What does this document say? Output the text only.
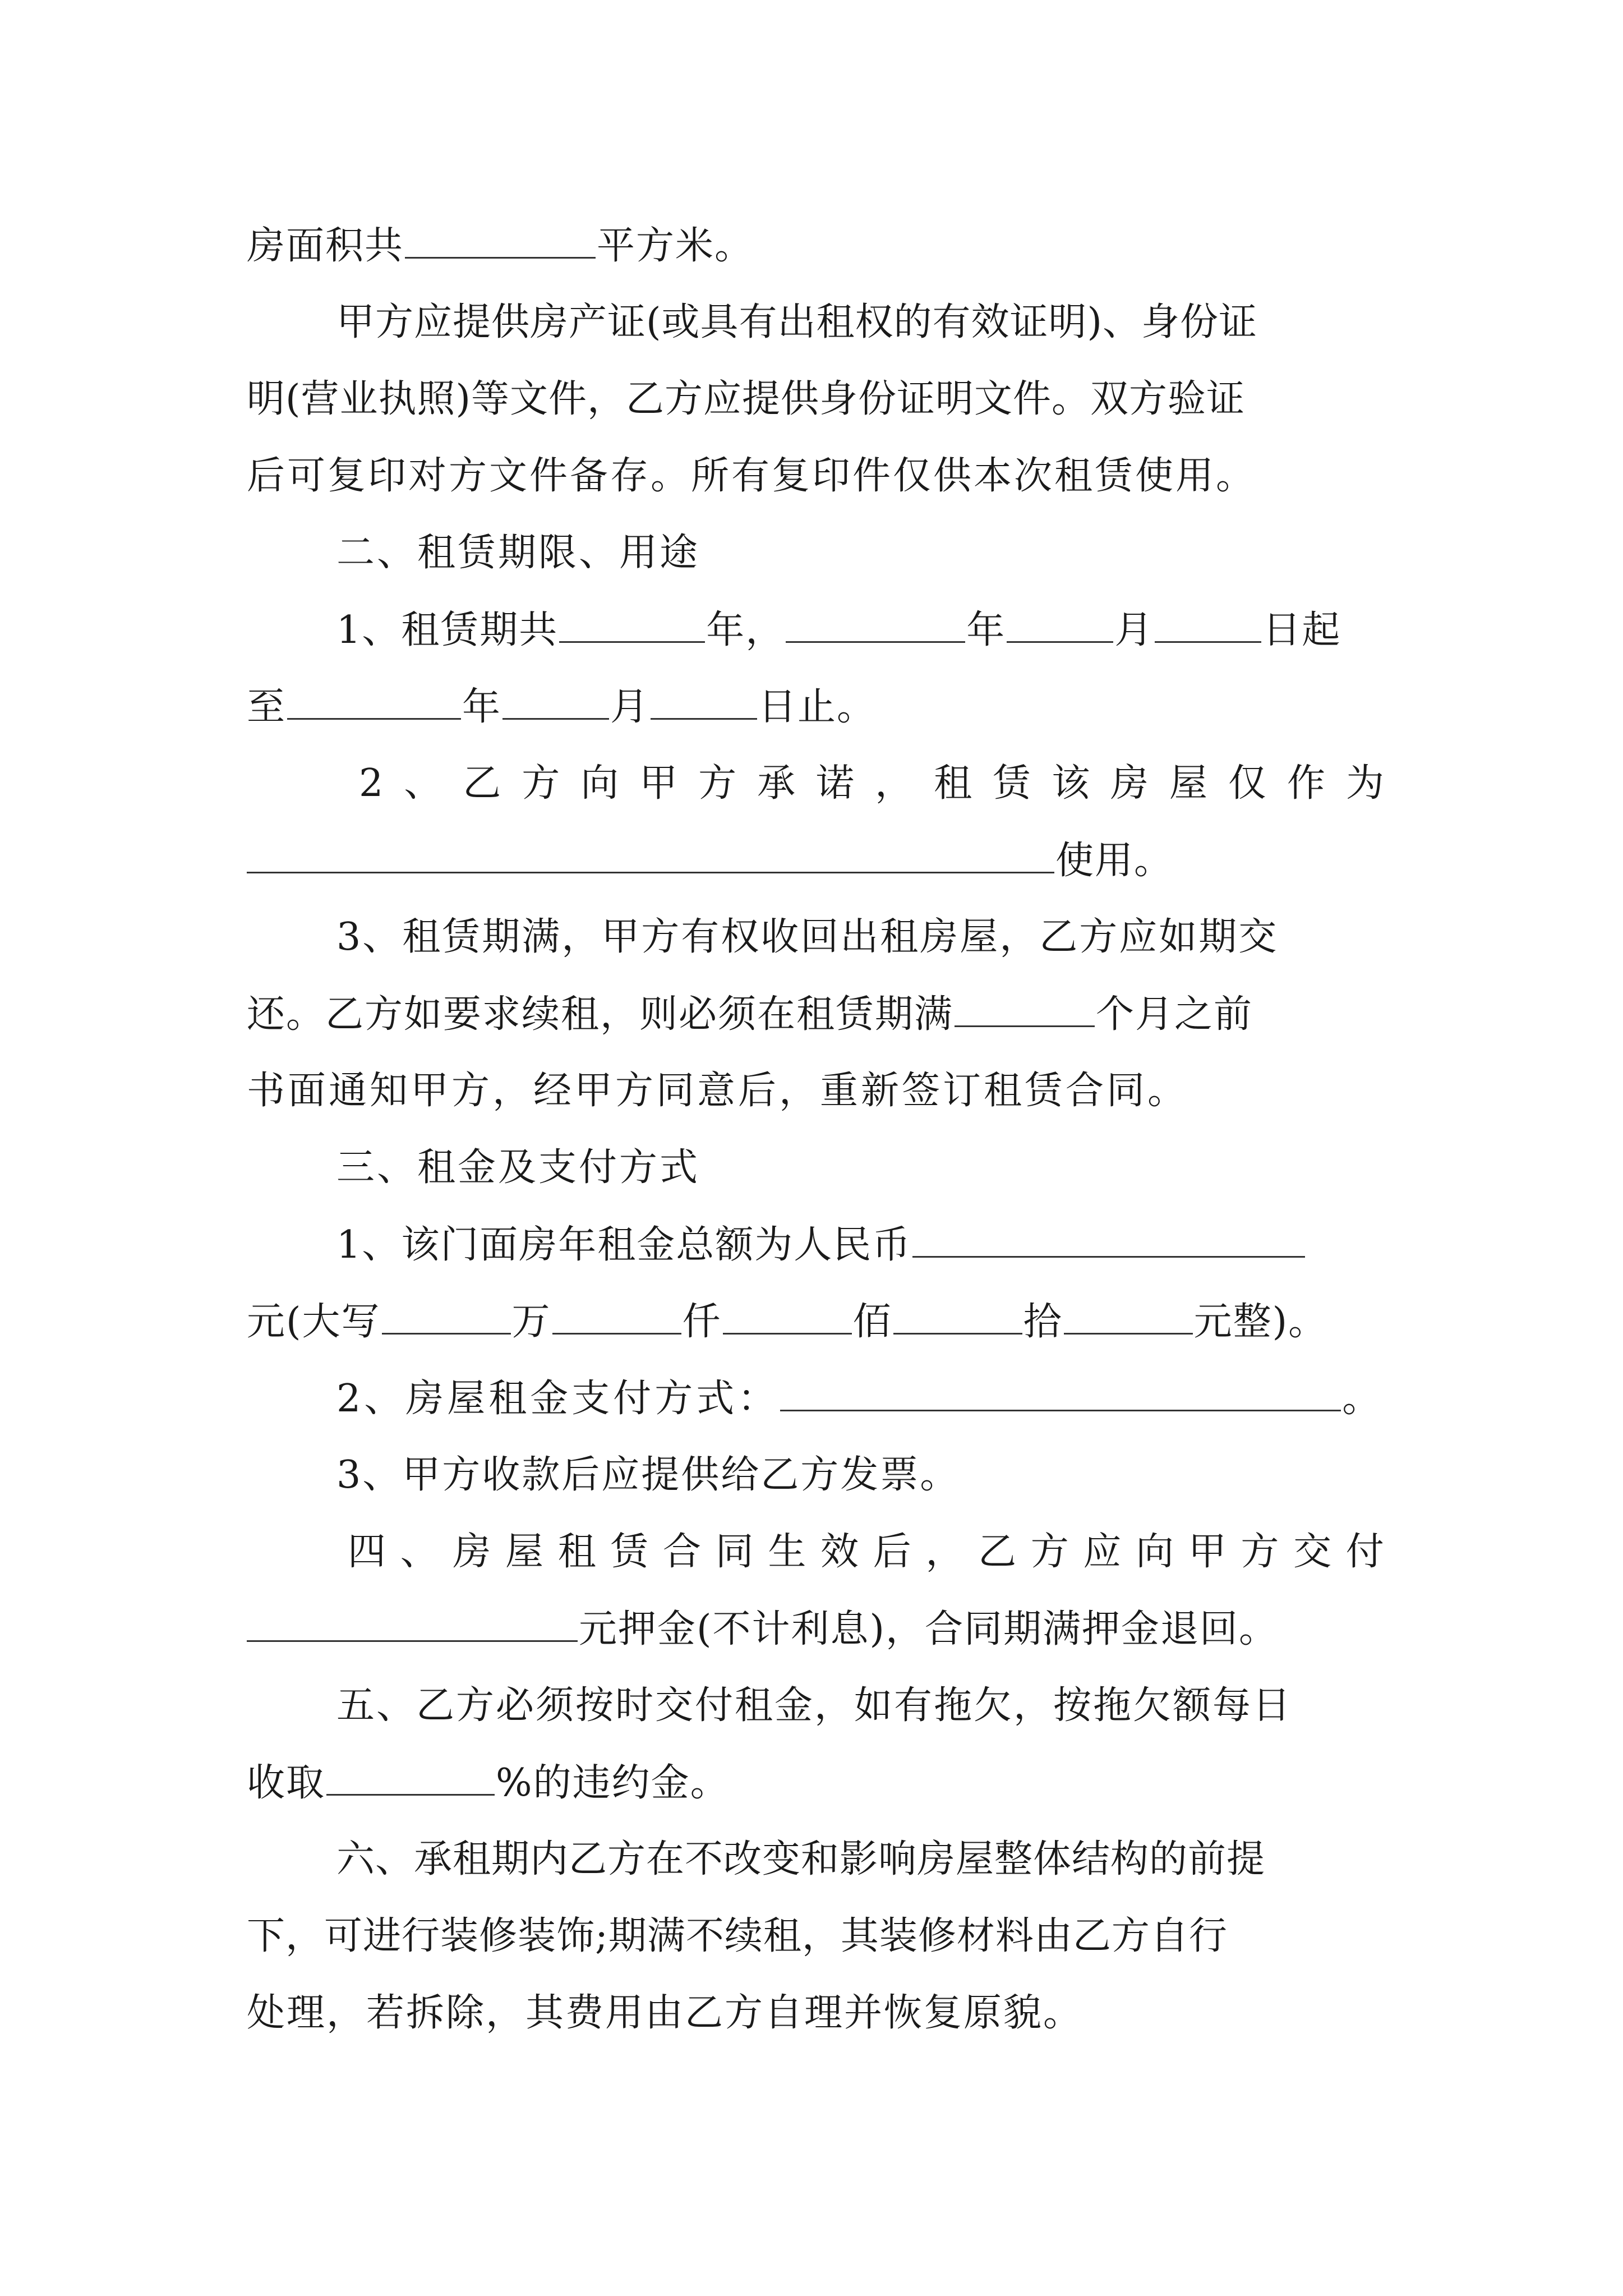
房面积共	平方米。
甲方应提供房产证(或具有出租权的有效证明)、身份证
明(营业执照)等文件，乙方应提供身份证明文件。双方验证
后可复印对方文件备存。所有复印件仅供本次租赁使用。
二、租赁期限、用途
1、租赁期共	年，	年	月	日起
至	年	月	日止。
2 、 乙 方 向 甲 方 承 诺 ， 租 赁 该 房 屋 仅 作 为
使用。
3、租赁期满，甲方有权收回出租房屋，乙方应如期交
还。乙方如要求续租，则必须在租赁期满	个月之前
书面通知甲方，经甲方同意后，重新签订租赁合同。
三、租金及支付方式
1、该门面房年租金总额为人民币
元(大写	万	仟	佰	拾	元整)。
2、房屋租金支付方式：	。
3、甲方收款后应提供给乙方发票。
四 、 房 屋 租 赁 合 同 生 效 后 ， 乙 方 应 向 甲 方 交 付
元押金(不计利息)，合同期满押金退回。
五、乙方必须按时交付租金，如有拖欠，按拖欠额每日
收取	%的违约金。
六、承租期内乙方在不改变和影响房屋整体结构的前提
下，可进行装修装饰;期满不续租，其装修材料由乙方自行
处理，若拆除，其费用由乙方自理并恢复原貌。
